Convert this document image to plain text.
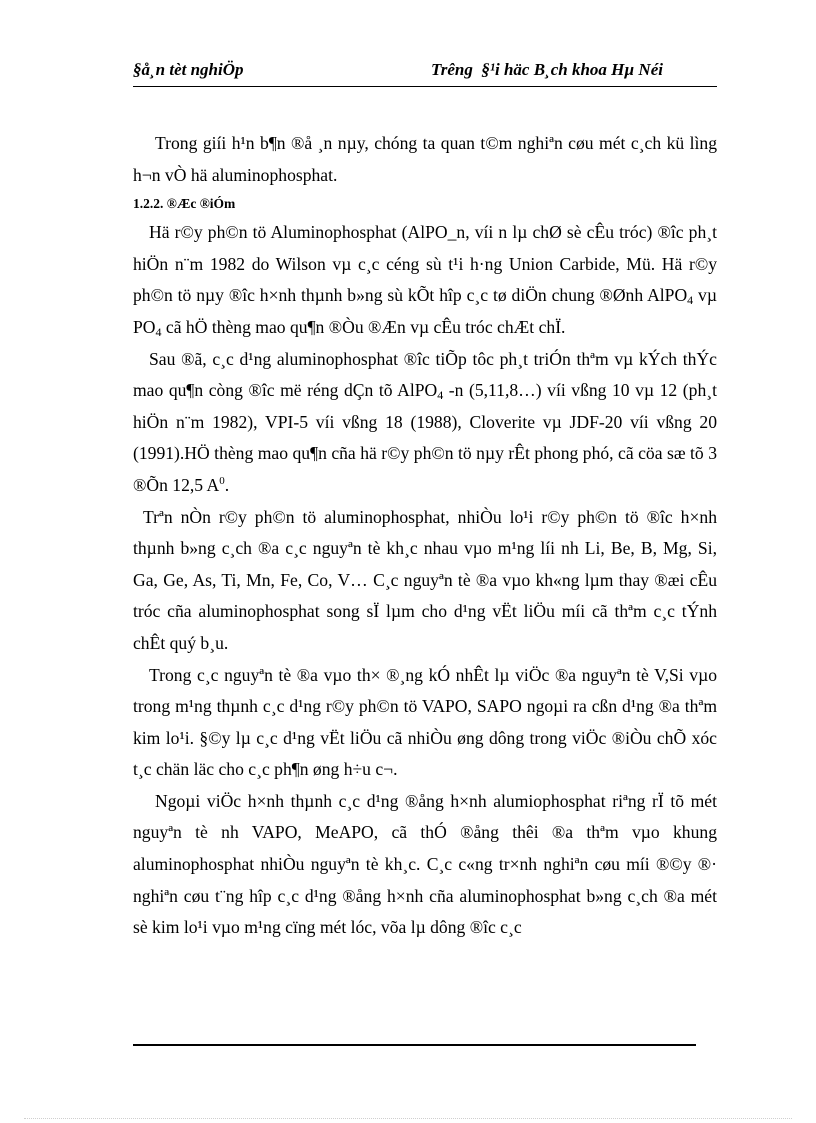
§å¸n tèt nghiÖp	Trêng  §¹i häc B¸ch khoa Hµ Néi

Trong giíi h¹n b¶n ®å ¸n nµy, chóng ta quan t©m nghiªn cøu mét c¸ch kü lìng h¬n vÒ hä aluminophosphat.

1.2.2. ®Æc ®iÓm

Hä r©y ph©n tö Aluminophosphat (AlPO_n, víi n lµ chØ sè cÊu tróc) ®îc ph¸t hiÖn n¨m 1982 do Wilson vµ c¸c céng sù t¹i h·ng Union Carbide, Mü. Hä r©y ph©n tö nµy ®îc h×nh thµnh b»ng sù kÕt hîp c¸c tø diÖn chung ®Ønh AlPO$_4$ vµ $PO_4$ cã hÖ thèng mao qu¶n ®Òu ®Æn vµ cÊu tróc chÆt chÏ.

Sau ®ã, c¸c d¹ng aluminophosphat ®îc tiÕp tôc ph¸t triÓn thªm vµ kÝch thÝc mao qu¶n còng ®îc më réng dÇn tõ AlPO$_4$ -n (5,11,8…) víi vßng 10 vµ 12 (ph¸t hiÖn n¨m 1982), VPI-5 víi vßng 18 (1988), Cloverite vµ JDF-20 víi vßng 20 (1991).HÖ thèng mao qu¶n cña hä r©y ph©n tö nµy rÊt phong phó, cã cöa sæ tõ 3 ®Õn 12,5 $A^0$.

Trªn nÒn r©y ph©n tö aluminophosphat, nhiÒu lo¹i r©y ph©n tö ®îc h×nh thµnh b»ng c¸ch ®a c¸c nguyªn tè kh¸c nhau vµo m¹ng líi nh Li, Be, B, Mg, Si, Ga, Ge, As, Ti, Mn, Fe, Co, V… C¸c nguyªn tè ®a vµo kh«ng lµm thay ®æi cÊu tróc cña aluminophosphat song sÏ lµm cho d¹ng vËt liÖu míi cã thªm c¸c tÝnh chÊt quý b¸u.

Trong c¸c nguyªn tè ®a vµo th× ®¸ng kÓ nhÊt lµ viÖc ®a nguyªn tè V,Si vµo trong m¹ng thµnh c¸c d¹ng r©y ph©n tö VAPO, SAPO ngoµi ra cßn d¹ng ®a thªm kim lo¹i. §©y lµ c¸c d¹ng vËt liÖu cã nhiÒu øng dông trong viÖc ®iÒu chÕ xóc t¸c chän läc cho c¸c ph¶n øng h÷u c¬.

Ngoµi viÖc h×nh thµnh c¸c d¹ng ®ång h×nh alumiophosphat riªng rÏ tõ mét nguyªn tè nh VAPO, MeAPO, cã thÓ ®ång thêi ®a thªm vµo khung aluminophosphat nhiÒu nguyªn tè kh¸c. C¸c c«ng tr×nh nghiªn cøu míi ®©y ®· nghiªn cøu t¨ng hîp c¸c d¹ng ®ång h×nh cña aluminophosphat b»ng c¸ch ®a mét sè kim lo¹i vµo m¹ng cïng mét lóc, võa lµ dông ®îc c¸c
